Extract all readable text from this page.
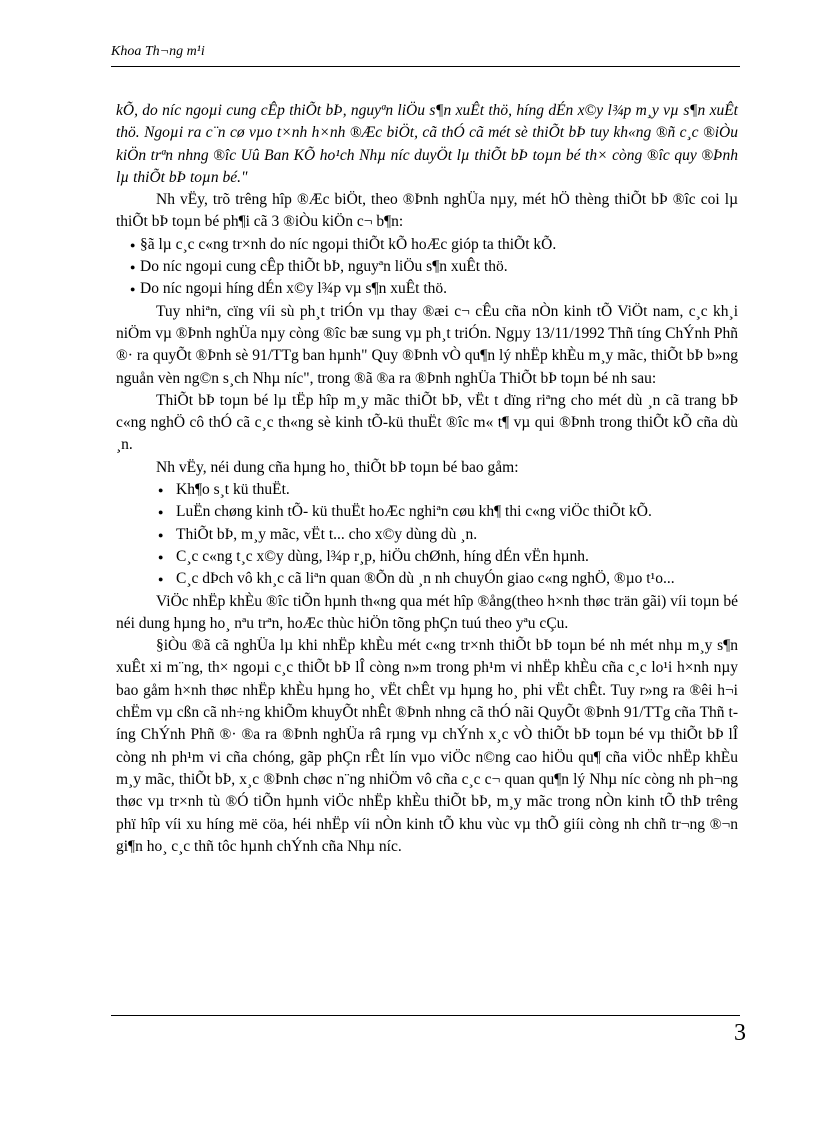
Khoa Th¬ng m¹i

kÕ, do níc ngoµi cung cÊp thiÕt bÞ, nguyªn liÖu s¶n xuÊt thö, híng dÉn x©y l¾p m¸y vµ s¶n xuÊt thö. Ngoµi ra c¨n cø vµo t×nh h×nh ®Æc biÖt, cã thÓ cã mét sè thiÕt bÞ tuy kh«ng ®ñ c¸c ®iÒu kiÖn trªn nhng ®îc Uû Ban KÕ ho¹ch Nhµ níc duyÖt lµ thiÕt bÞ toµn bé th× còng ®îc quy ®Þnh lµ thiÕt bÞ toµn bé."

Nh vËy, trõ trêng hîp ®Æc biÖt, theo ®Þnh nghÜa nµy, mét hÖ thèng thiÕt bÞ ®îc coi lµ thiÕt bÞ toµn bé ph¶i cã 3 ®iÒu kiÖn c¬ b¶n:

● §ã lµ c¸c c«ng tr×nh do níc ngoµi thiÕt kÕ hoÆc gióp ta thiÕt kÕ.
● Do níc ngoµi cung cÊp thiÕt bÞ, nguyªn liÖu s¶n xuÊt thö.
● Do níc ngoµi híng dÉn x©y l¾p vµ s¶n xuÊt thö.

Tuy nhiªn, cïng víi sù ph¸t triÓn vµ thay ®æi c¬ cÊu cña nÒn kinh tÕ ViÖt nam, c¸c kh¸i niÖm vµ ®Þnh nghÜa nµy còng ®îc bæ sung vµ ph¸t triÓn. Ngµy 13/11/1992 Thñ tíng ChÝnh Phñ ®· ra quyÕt ®Þnh sè 91/TTg ban hµnh" Quy ®Þnh vÒ qu¶n lý nhËp khÈu m¸y mãc, thiÕt bÞ b»ng nguån vèn ng©n s¸ch Nhµ níc", trong ®ã ®a ra ®Þnh nghÜa ThiÕt bÞ toµn bé nh sau:

ThiÕt bÞ toµn bé lµ tËp hîp m¸y mãc thiÕt bÞ, vËt t dïng riªng cho mét dù ¸n cã trang bÞ c«ng nghÖ cô thÓ cã c¸c th«ng sè kinh tÕ-kü thuËt ®îc m« t¶ vµ qui ®Þnh trong thiÕt kÕ cña dù ¸n.

Nh vËy, néi dung cña hµng ho¸ thiÕt bÞ toµn bé bao gåm:

● Kh¶o s¸t kü thuËt.
● LuËn chøng kinh tÕ- kü thuËt hoÆc nghiªn cøu kh¶ thi c«ng viÖc thiÕt kÕ.
● ThiÕt bÞ, m¸y mãc, vËt t... cho x©y dùng dù ¸n.
● C¸c c«ng t¸c x©y dùng, l¾p r¸p, hiÖu chØnh, híng dÉn vËn hµnh.
● C¸c dÞch vô kh¸c cã liªn quan ®Õn dù ¸n nh chuyÓn giao c«ng nghÖ, ®µo t¹o...

ViÖc nhËp khÈu ®îc tiÕn hµnh th«ng qua mét hîp ®ång(theo h×nh thøc trän gãi) víi toµn bé néi dung hµng ho¸ nªu trªn, hoÆc thùc hiÖn tõng phÇn tuú theo yªu cÇu.

§iÒu ®ã cã nghÜa lµ khi nhËp khÈu mét c«ng tr×nh thiÕt bÞ toµn bé nh mét nhµ m¸y s¶n xuÊt xi m¨ng, th× ngoµi c¸c thiÕt bÞ lÎ còng n»m trong ph¹m vi nhËp khÈu cña c¸c lo¹i h×nh nµy bao gåm h×nh thøc nhËp khÈu hµng ho¸ vËt chÊt vµ hµng ho¸ phi vËt chÊt. Tuy r»ng ra ®êi h¬i chËm vµ cßn cã nh÷ng khiÕm khuyÕt nhÊt ®Þnh nhng cã thÓ nãi QuyÕt ®Þnh 91/TTg cña Thñ tíng ChÝnh Phñ ®· ®a ra ®Þnh nghÜa râ rµng vµ chÝnh x¸c vÒ thiÕt bÞ toµn bé vµ thiÕt bÞ lÎ còng nh ph¹m vi cña chóng, gãp phÇn rÊt lín vµo viÖc n©ng cao hiÖu qu¶ cña viÖc nhËp khÈu m¸y mãc, thiÕt bÞ, x¸c ®Þnh chøc n¨ng nhiÖm vô cña c¸c c¬ quan qu¶n lý Nhµ níc còng nh ph¬ng thøc vµ tr×nh tù ®Ó tiÕn hµnh viÖc nhËp khÈu thiÕt bÞ, m¸y mãc trong nÒn kinh tÕ thÞ trêng phï hîp víi xu híng më cöa, héi nhËp víi nÒn kinh tÕ khu vùc vµ thÕ giíi còng nh chñ tr¬ng ®¬n gi¶n ho¸ c¸c thñ tôc hµnh chÝnh cña Nhµ níc.

3
